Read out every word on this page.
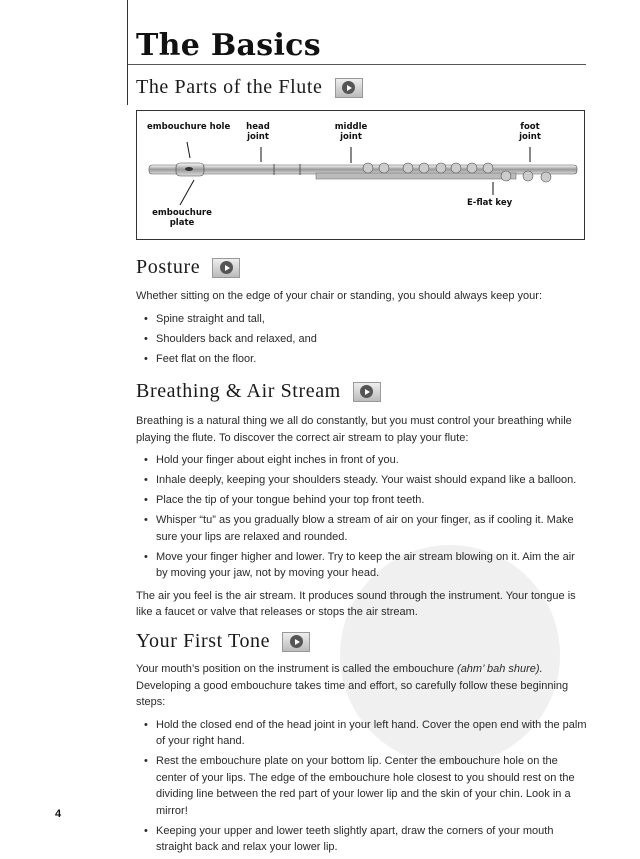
The Basics
The Parts of the Flute
embouchure hole	head joint
middle joint
foot joint
embouchure plate
E-flat key
Posture

Whether sitting on the edge of your chair or standing, you should always keep your:

• Spine straight and tall,
• Shoulders back and relaxed, and
• Feet flat on the floor.
Breathing & Air Stream

Breathing is a natural thing we all do constantly, but you must control your breathing while playing the flute. To discover the correct air stream to play your flute:

• Hold your finger about eight inches in front of you.
• Inhale deeply, keeping your shoulders steady. Your waist should expand like a balloon.
• Place the tip of your tongue behind your top front teeth.
• Whisper “tu” as you gradually blow a stream of air on your finger, as if cooling it. Make sure your lips are relaxed and rounded.
• Move your finger higher and lower. Try to keep the air stream blowing on it. Aim the air by moving your jaw, not by moving your head.

The air you feel is the air stream. It produces sound through the instrument. Your tongue is like a faucet or valve that releases or stops the air stream.

Your First Tone

Your mouth’s position on the instrument is called the embouchure (ahm’ bah shure). Developing a good embouchure takes time and effort, so carefully follow these beginning steps:

• Hold the closed end of the head joint in your left hand. Cover the open end with the palm of your right hand.
• Rest the embouchure plate on your bottom lip. Center the embouchure hole on the center of your lips. The edge of the embouchure hole closest to you should rest on the dividing line between the red part of your lower lip and the skin of your chin. Look in a mirror!
• Keeping your upper and lower teeth slightly apart, draw the corners of your mouth straight back and relax your lower lip.
4
